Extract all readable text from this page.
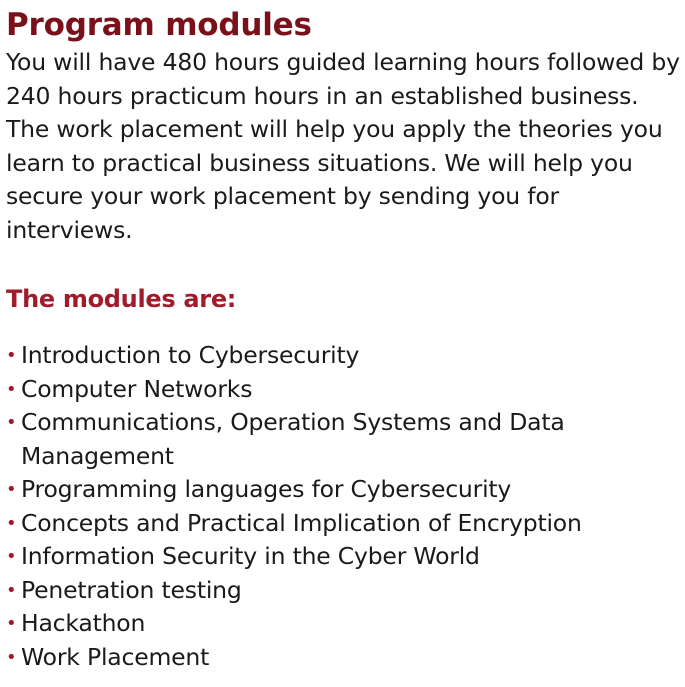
Program modules

You will have 480 hours guided learning hours followed by 240 hours practicum hours in an established business. The work placement will help you apply the theories you learn to practical business situations. We will help you secure your work placement by sending you for interviews.

The modules are:
• Introduction to Cybersecurity
• Computer Networks
• Communications, Operation Systems and Data Management
• Programming languages for Cybersecurity
• Concepts and Practical Implication of Encryption
• Information Security in the Cyber World
• Penetration testing
• Hackathon
• Work Placement
